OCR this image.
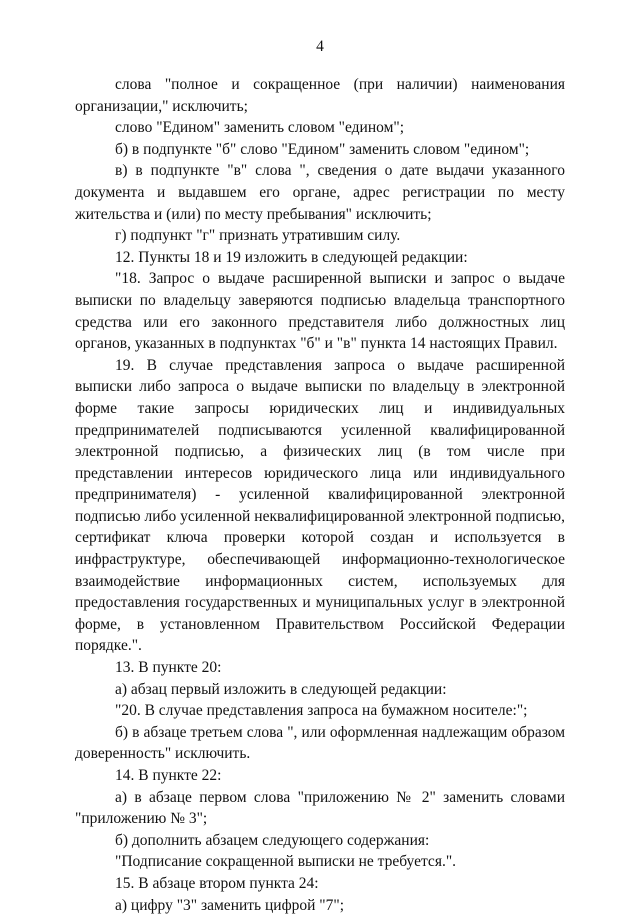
4

слова "полное и сокращенное (при наличии) наименования организации," исключить;

слово "Едином" заменить словом "едином";

б) в подпункте "б" слово "Едином" заменить словом "едином";

в) в подпункте "в" слова ", сведения о дате выдачи указанного документа и выдавшем его органе, адрес регистрации по месту жительства и (или) по месту пребывания" исключить;

г) подпункт "г" признать утратившим силу.

12. Пункты 18 и 19 изложить в следующей редакции:

"18. Запрос о выдаче расширенной выписки и запрос о выдаче выписки по владельцу заверяются подписью владельца транспортного средства или его законного представителя либо должностных лиц органов, указанных в подпунктах "б" и "в" пункта 14 настоящих Правил.

19. В случае представления запроса о выдаче расширенной выписки либо запроса о выдаче выписки по владельцу в электронной форме такие запросы юридических лиц и индивидуальных предпринимателей подписываются усиленной квалифицированной электронной подписью, а физических лиц (в том числе при представлении интересов юридического лица или индивидуального предпринимателя) - усиленной квалифицированной электронной подписью либо усиленной неквалифицированной электронной подписью, сертификат ключа проверки которой создан и используется в инфраструктуре, обеспечивающей информационно-технологическое взаимодействие информационных систем, используемых для предоставления государственных и муниципальных услуг в электронной форме, в установленном Правительством Российской Федерации порядке.".

13. В пункте 20:

а) абзац первый изложить в следующей редакции:

"20. В случае представления запроса на бумажном носителе:";

б) в абзаце третьем слова ", или оформленная надлежащим образом доверенность" исключить.

14. В пункте 22:

а) в абзаце первом слова "приложению № 2" заменить словами "приложению № 3";

б) дополнить абзацем следующего содержания:

"Подписание сокращенной выписки не требуется.".

15. В абзаце втором пункта 24:

а) цифру "3" заменить цифрой "7";
